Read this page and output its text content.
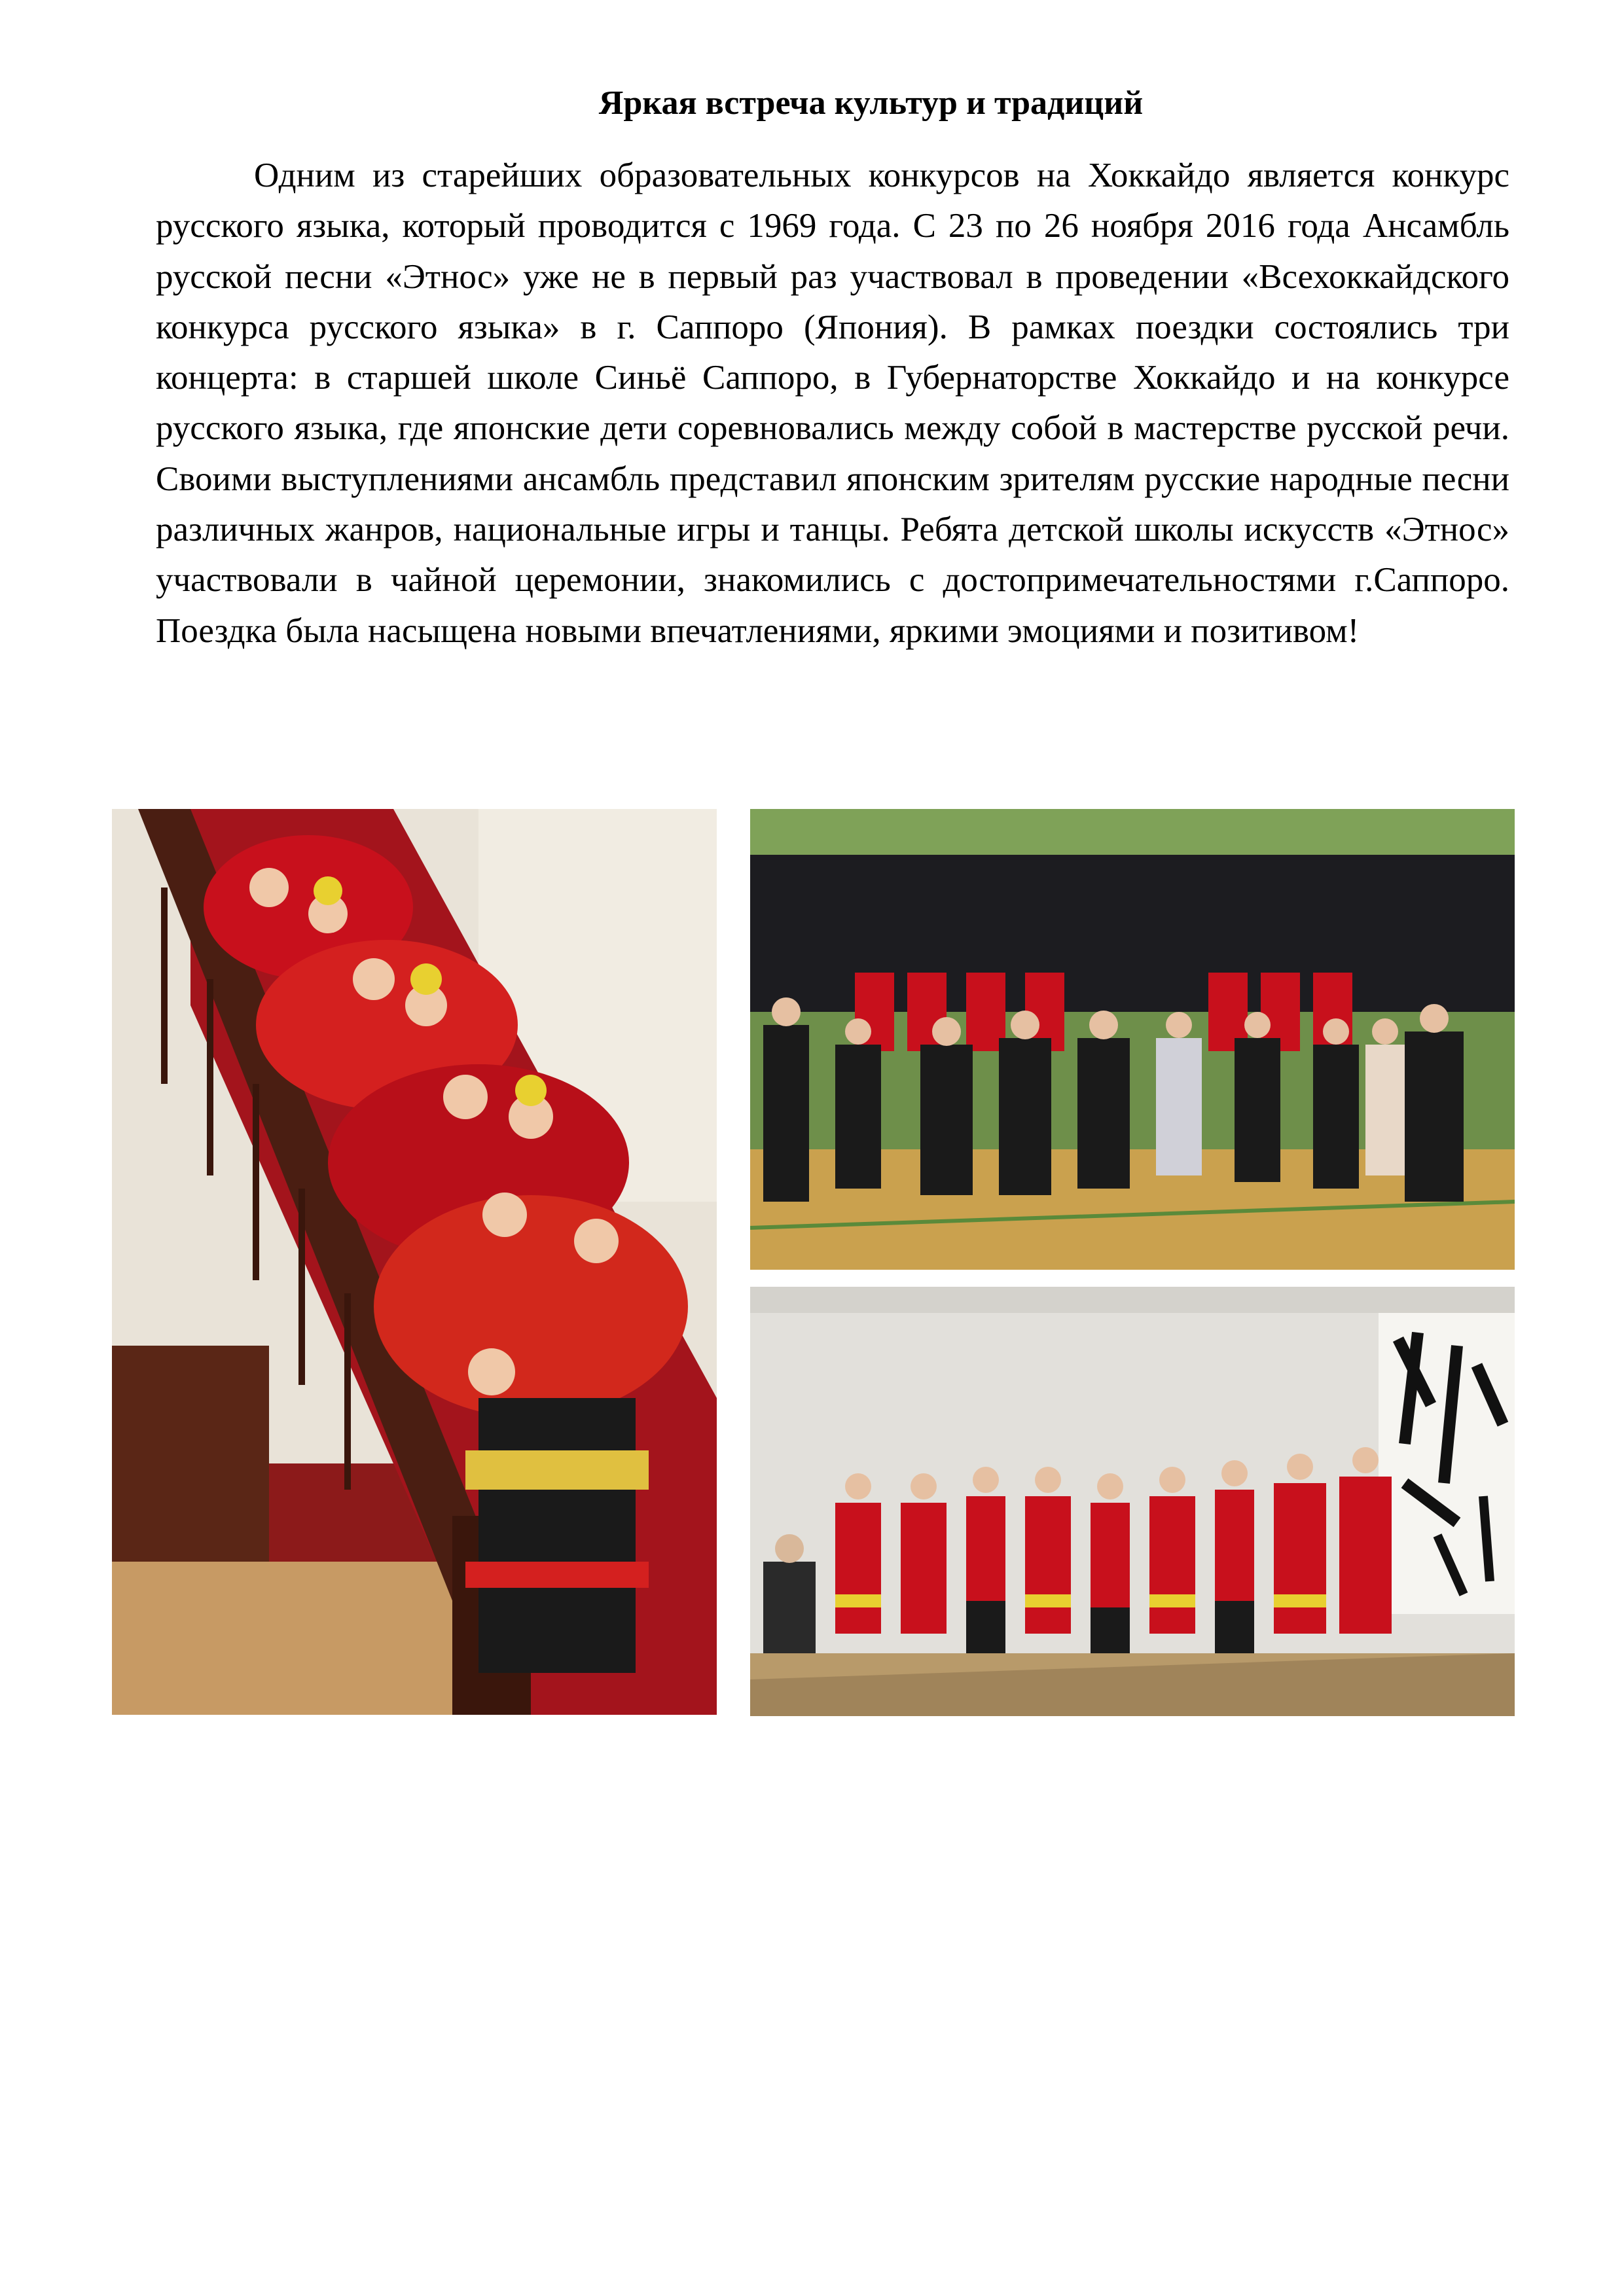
Яркая встреча культур и традиций

Одним из старейших образовательных конкурсов на Хоккайдо является конкурс русского языка, который проводится с 1969 года. С 23 по 26 ноября 2016 года Ансамбль русской песни «Этнос» уже не в первый раз участвовал в проведении «Всехоккайдского конкурса русского языка» в г. Саппоро (Япония). В рамках поездки состоялись три концерта: в старшей школе Синьё Саппоро, в Губернаторстве Хоккайдо и на конкурсе русского языка, где японские дети соревновались между собой в мастерстве русской речи. Своими выступлениями ансамбль представил японским зрителям русские народные песни различных жанров, национальные игры и танцы. Ребята детской школы искусств «Этнос» участвовали в чайной церемонии, знакомились с достопримечательностями г.Саппоро. Поездка была насыщена новыми впечатлениями, яркими эмоциями и позитивом!
